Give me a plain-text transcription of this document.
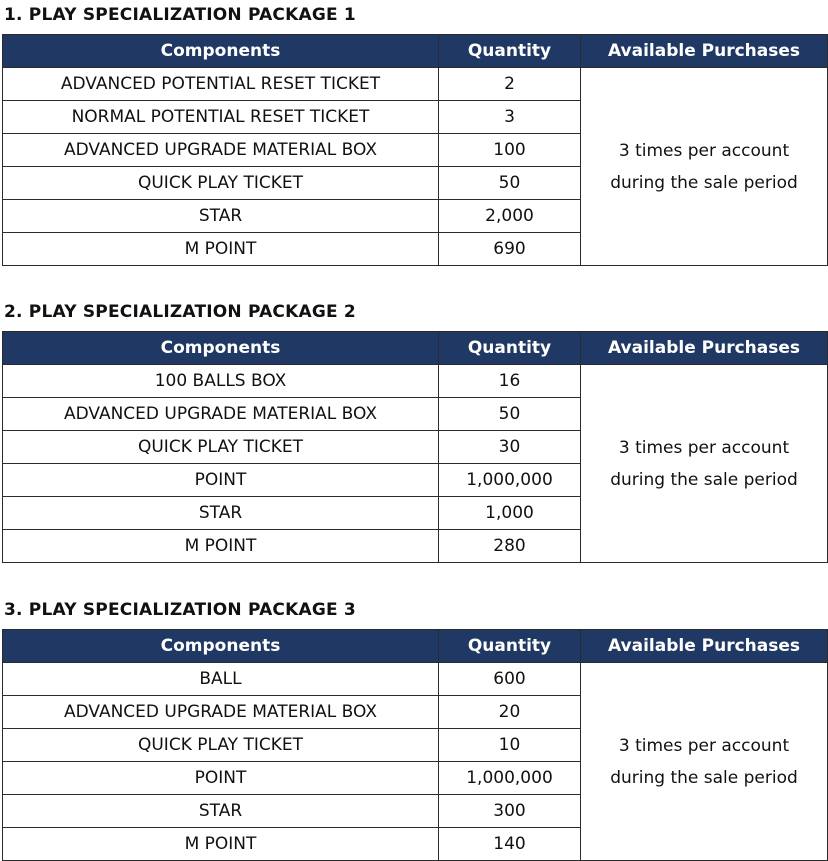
1. PLAY SPECIALIZATION PACKAGE 1
Components	Quantity	Available Purchases
ADVANCED POTENTIAL RESET TICKET	2	3 times per account
during the sale period

NORMAL POTENTIAL RESET TICKET	3	
ADVANCED UPGRADE MATERIAL BOX	100	
QUICK PLAY TICKET	50	
STAR	2,000	
M POINT	690	
2. PLAY SPECIALIZATION PACKAGE 2
Components	Quantity	Available Purchases
100 BALLS BOX	16	3 times per account
during the sale period

ADVANCED UPGRADE MATERIAL BOX	50	
QUICK PLAY TICKET	30	
POINT	1,000,000	
STAR	1,000	
M POINT	280	
3. PLAY SPECIALIZATION PACKAGE 3
Components	Quantity	Available Purchases
BALL	600	3 times per account
during the sale period

ADVANCED UPGRADE MATERIAL BOX	20	
QUICK PLAY TICKET	10	
POINT	1,000,000	
STAR	300	
M POINT	140	
